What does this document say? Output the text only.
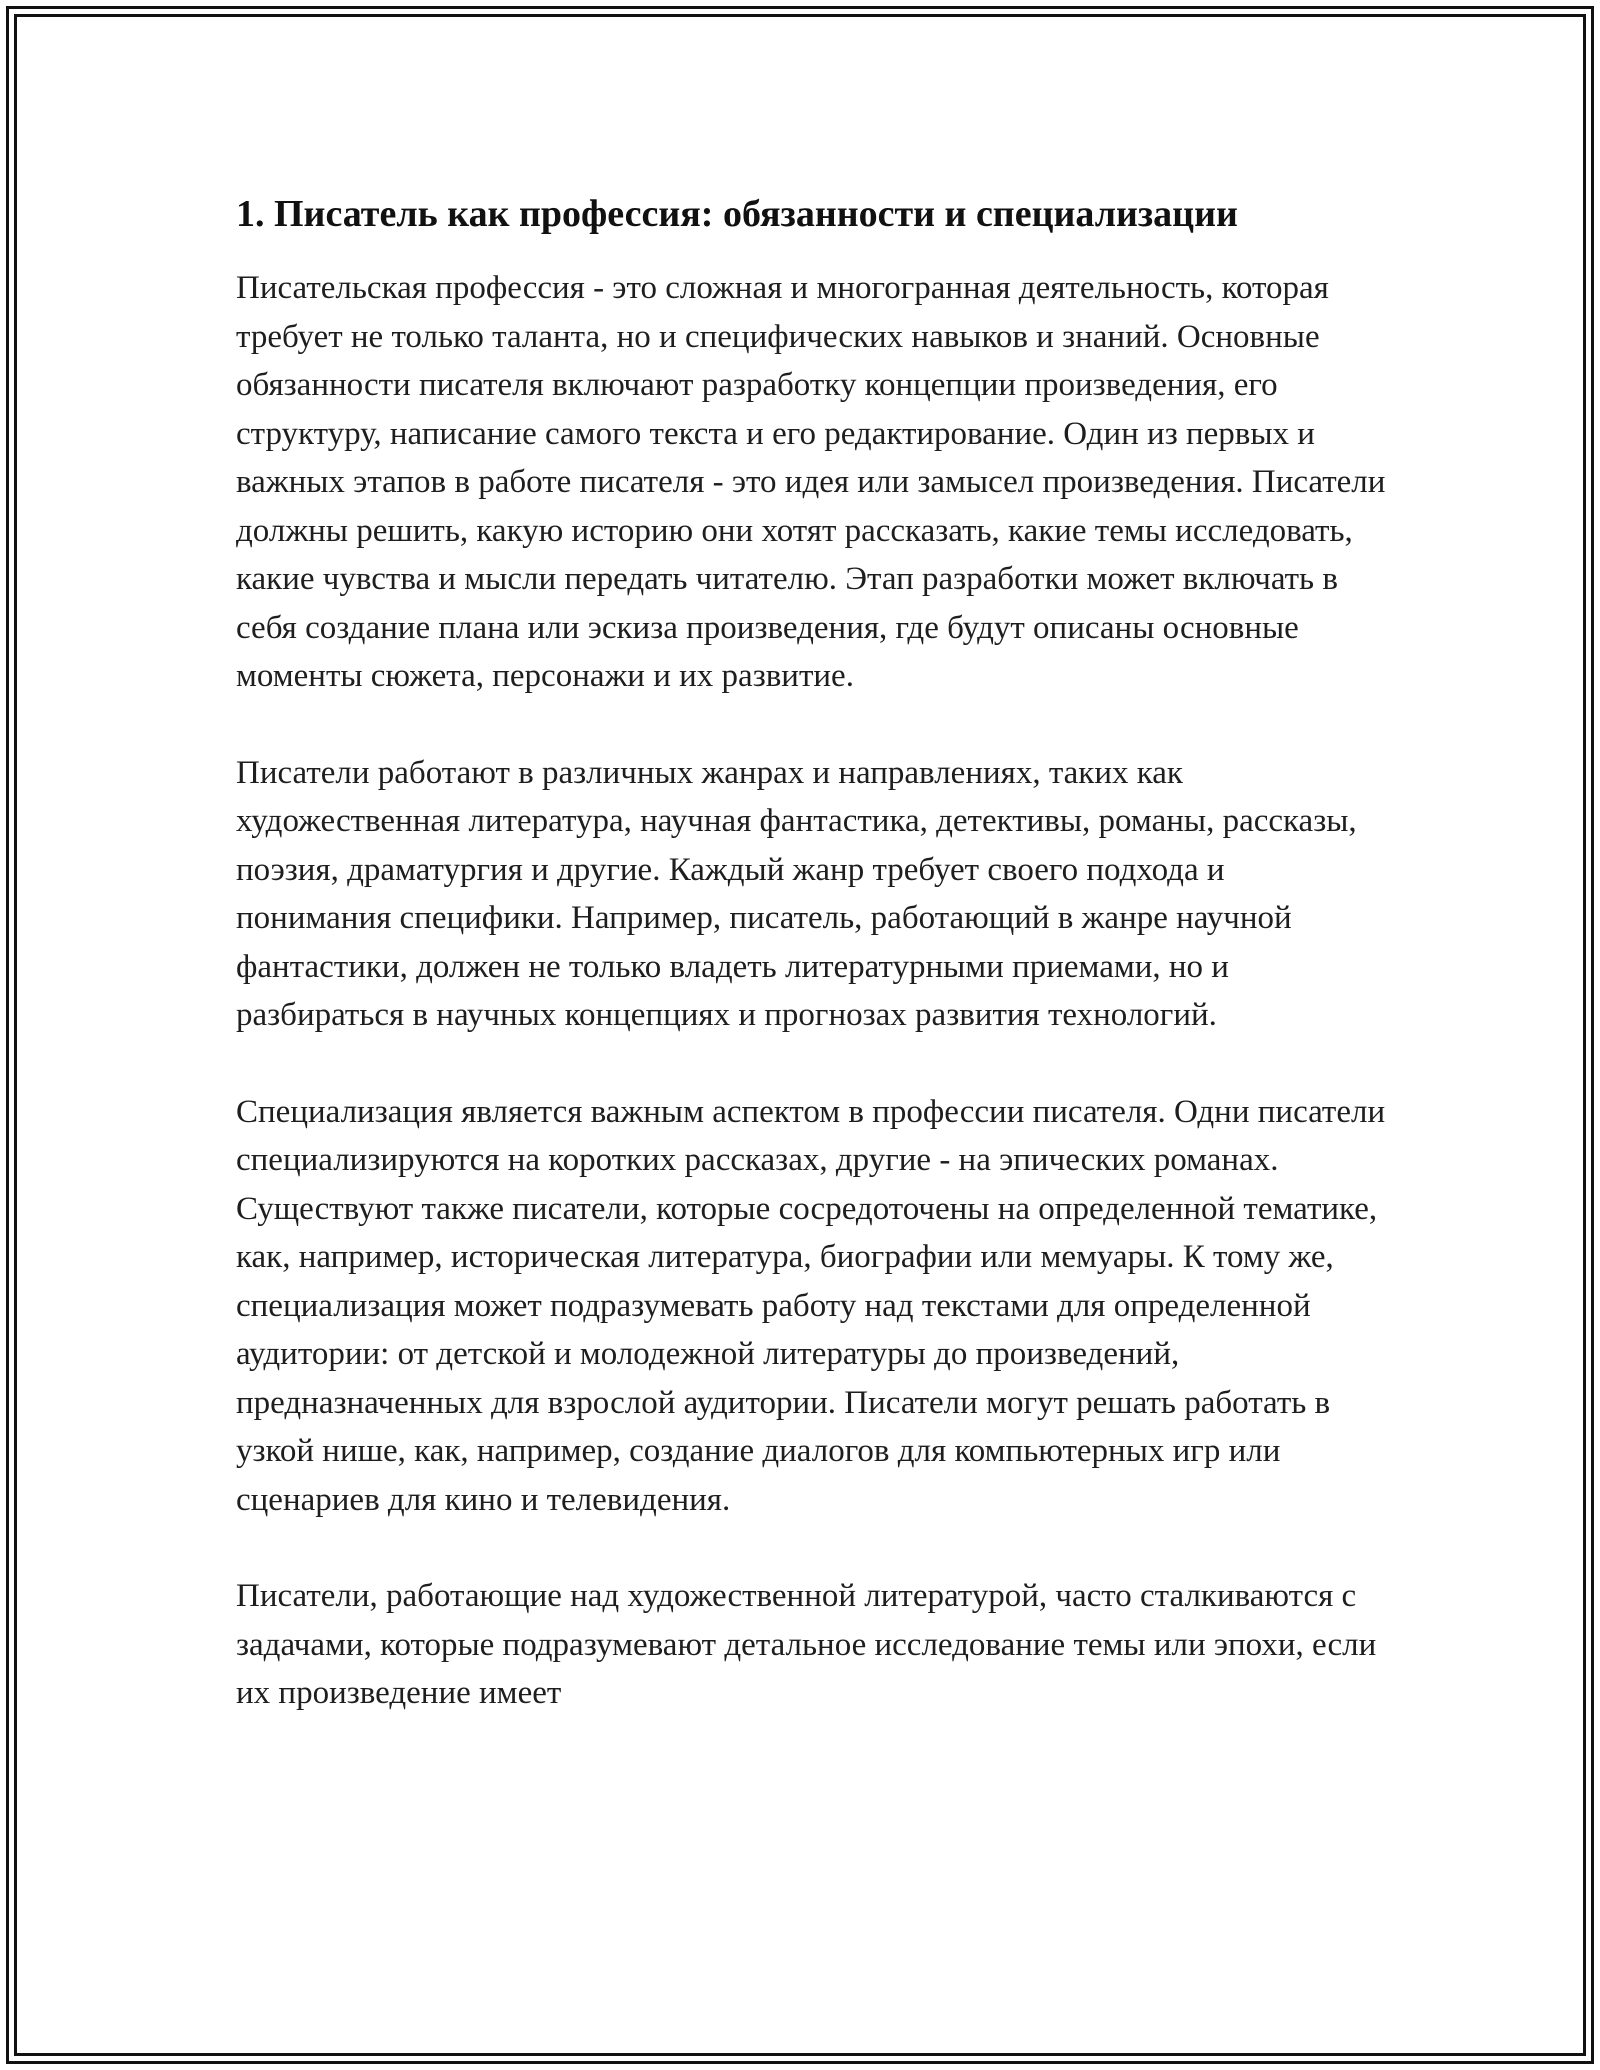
1. Писатель как профессия: обязанности и специализации

Писательская профессия - это сложная и многогранная деятельность, которая требует не только таланта, но и специфических навыков и знаний. Основные обязанности писателя включают разработку концепции произведения, его структуру, написание самого текста и его редактирование. Один из первых и важных этапов в работе писателя - это идея или замысел произведения. Писатели должны решить, какую историю они хотят рассказать, какие темы исследовать, какие чувства и мысли передать читателю. Этап разработки может включать в себя создание плана или эскиза произведения, где будут описаны основные моменты сюжета, персонажи и их развитие.

Писатели работают в различных жанрах и направлениях, таких как художественная литература, научная фантастика, детективы, романы, рассказы, поэзия, драматургия и другие. Каждый жанр требует своего подхода и понимания специфики. Например, писатель, работающий в жанре научной фантастики, должен не только владеть литературными приемами, но и разбираться в научных концепциях и прогнозах развития технологий.

Специализация является важным аспектом в профессии писателя. Одни писатели специализируются на коротких рассказах, другие - на эпических романах. Существуют также писатели, которые сосредоточены на определенной тематике, как, например, историческая литература, биографии или мемуары. К тому же, специализация может подразумевать работу над текстами для определенной аудитории: от детской и молодежной литературы до произведений, предназначенных для взрослой аудитории. Писатели могут решать работать в узкой нише, как, например, создание диалогов для компьютерных игр или сценариев для кино и телевидения.

Писатели, работающие над художественной литературой, часто сталкиваются с задачами, которые подразумевают детальное исследование темы или эпохи, если их произведение имеет
